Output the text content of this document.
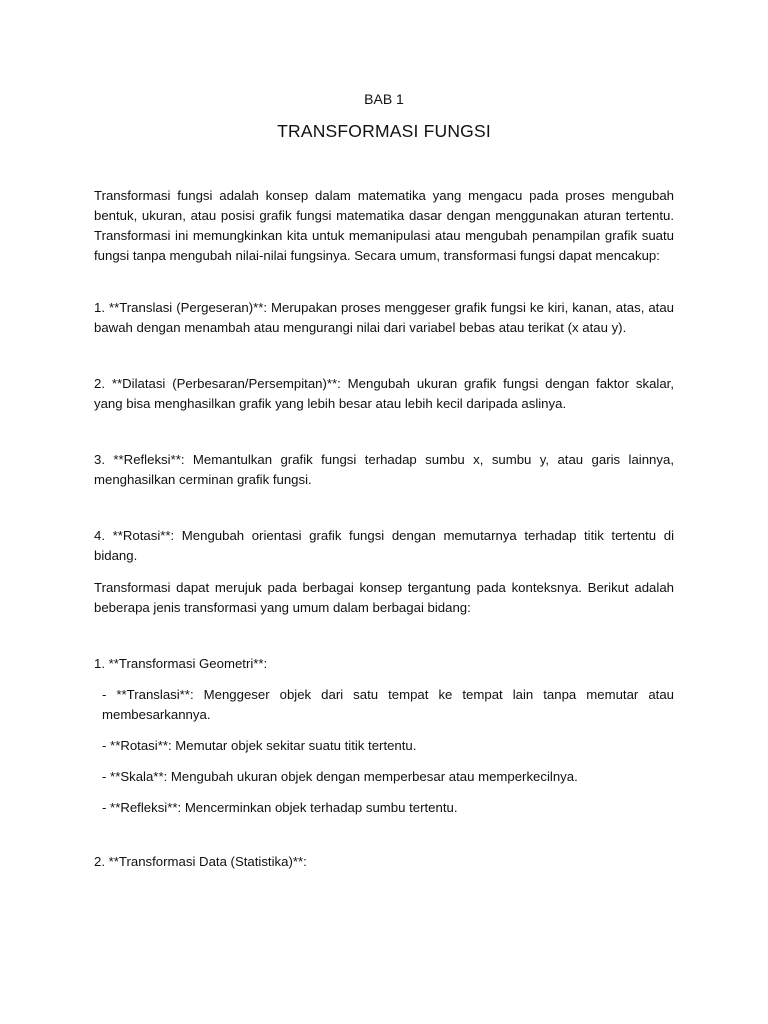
BAB 1
TRANSFORMASI FUNGSI

Transformasi fungsi adalah konsep dalam matematika yang mengacu pada proses mengubah bentuk, ukuran, atau posisi grafik fungsi matematika dasar dengan menggunakan aturan tertentu. Transformasi ini memungkinkan kita untuk memanipulasi atau mengubah penampilan grafik suatu fungsi tanpa mengubah nilai-nilai fungsinya. Secara umum, transformasi fungsi dapat mencakup:

1. **Translasi (Pergeseran)**: Merupakan proses menggeser grafik fungsi ke kiri, kanan, atas, atau bawah dengan menambah atau mengurangi nilai dari variabel bebas atau terikat (x atau y).

2. **Dilatasi (Perbesaran/Persempitan)**: Mengubah ukuran grafik fungsi dengan faktor skalar, yang bisa menghasilkan grafik yang lebih besar atau lebih kecil daripada aslinya.

3. **Refleksi**: Memantulkan grafik fungsi terhadap sumbu x, sumbu y, atau garis lainnya, menghasilkan cerminan grafik fungsi.

4. **Rotasi**: Mengubah orientasi grafik fungsi dengan memutarnya terhadap titik tertentu di bidang.

Transformasi dapat merujuk pada berbagai konsep tergantung pada konteksnya. Berikut adalah beberapa jenis transformasi yang umum dalam berbagai bidang:

1. **Transformasi Geometri**:

- **Translasi**: Menggeser objek dari satu tempat ke tempat lain tanpa memutar atau membesarkannya.

- **Rotasi**: Memutar objek sekitar suatu titik tertentu.

- **Skala**: Mengubah ukuran objek dengan memperbesar atau memperkecilnya.

- **Refleksi**: Mencerminkan objek terhadap sumbu tertentu.

2. **Transformasi Data (Statistika)**:
